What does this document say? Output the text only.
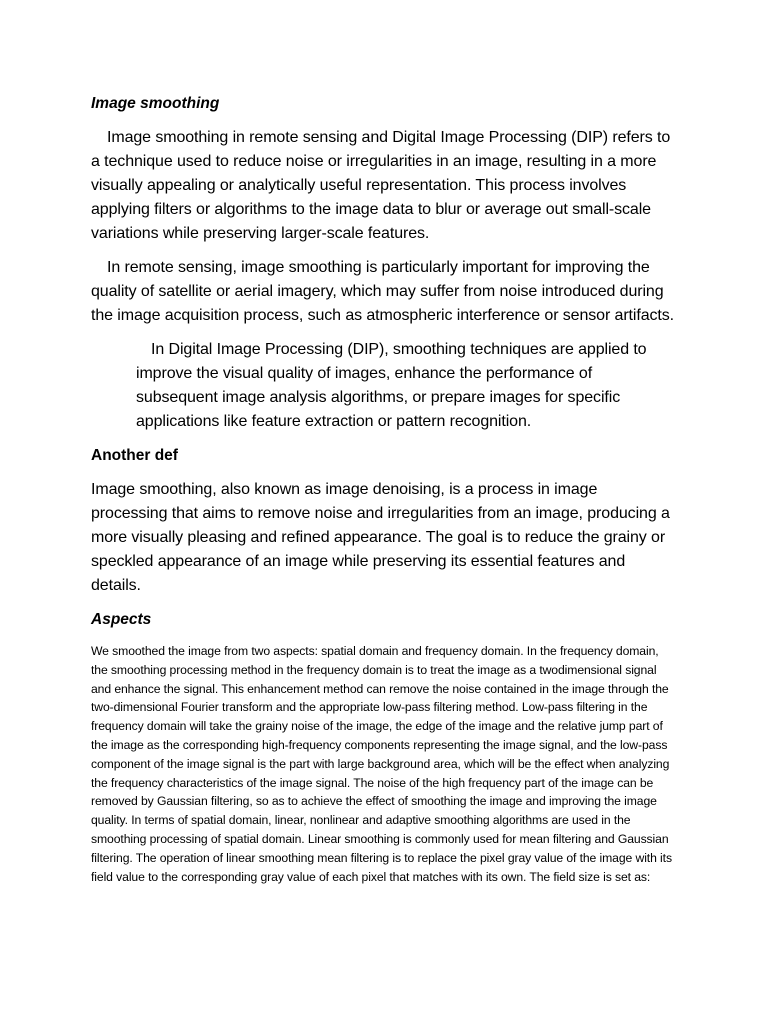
Image smoothing

Image smoothing in remote sensing and Digital Image Processing (DIP) refers to a technique used to reduce noise or irregularities in an image, resulting in a more visually appealing or analytically useful representation. This process involves applying filters or algorithms to the image data to blur or average out small-scale variations while preserving larger-scale features.

In remote sensing, image smoothing is particularly important for improving the quality of satellite or aerial imagery, which may suffer from noise introduced during the image acquisition process, such as atmospheric interference or sensor artifacts.

In Digital Image Processing (DIP), smoothing techniques are applied to improve the visual quality of images, enhance the performance of subsequent image analysis algorithms, or prepare images for specific applications like feature extraction or pattern recognition.

Another def

Image smoothing, also known as image denoising, is a process in image processing that aims to remove noise and irregularities from an image, producing a more visually pleasing and refined appearance. The goal is to reduce the grainy or speckled appearance of an image while preserving its essential features and details.

Aspects

We smoothed the image from two aspects: spatial domain and frequency domain. In the frequency domain, the smoothing processing method in the frequency domain is to treat the image as a twodimensional signal and enhance the signal. This enhancement method can remove the noise contained in the image through the two-dimensional Fourier transform and the appropriate low-pass filtering method. Low-pass filtering in the frequency domain will take the grainy noise of the image, the edge of the image and the relative jump part of the image as the corresponding high-frequency components representing the image signal, and the low-pass component of the image signal is the part with large background area, which will be the effect when analyzing the frequency characteristics of the image signal. The noise of the high frequency part of the image can be removed by Gaussian filtering, so as to achieve the effect of smoothing the image and improving the image quality. In terms of spatial domain, linear, nonlinear and adaptive smoothing algorithms are used in the smoothing processing of spatial domain. Linear smoothing is commonly used for mean filtering and Gaussian filtering. The operation of linear smoothing mean filtering is to replace the pixel gray value of the image with its field value to the corresponding gray value of each pixel that matches with its own. The field size is set as:
